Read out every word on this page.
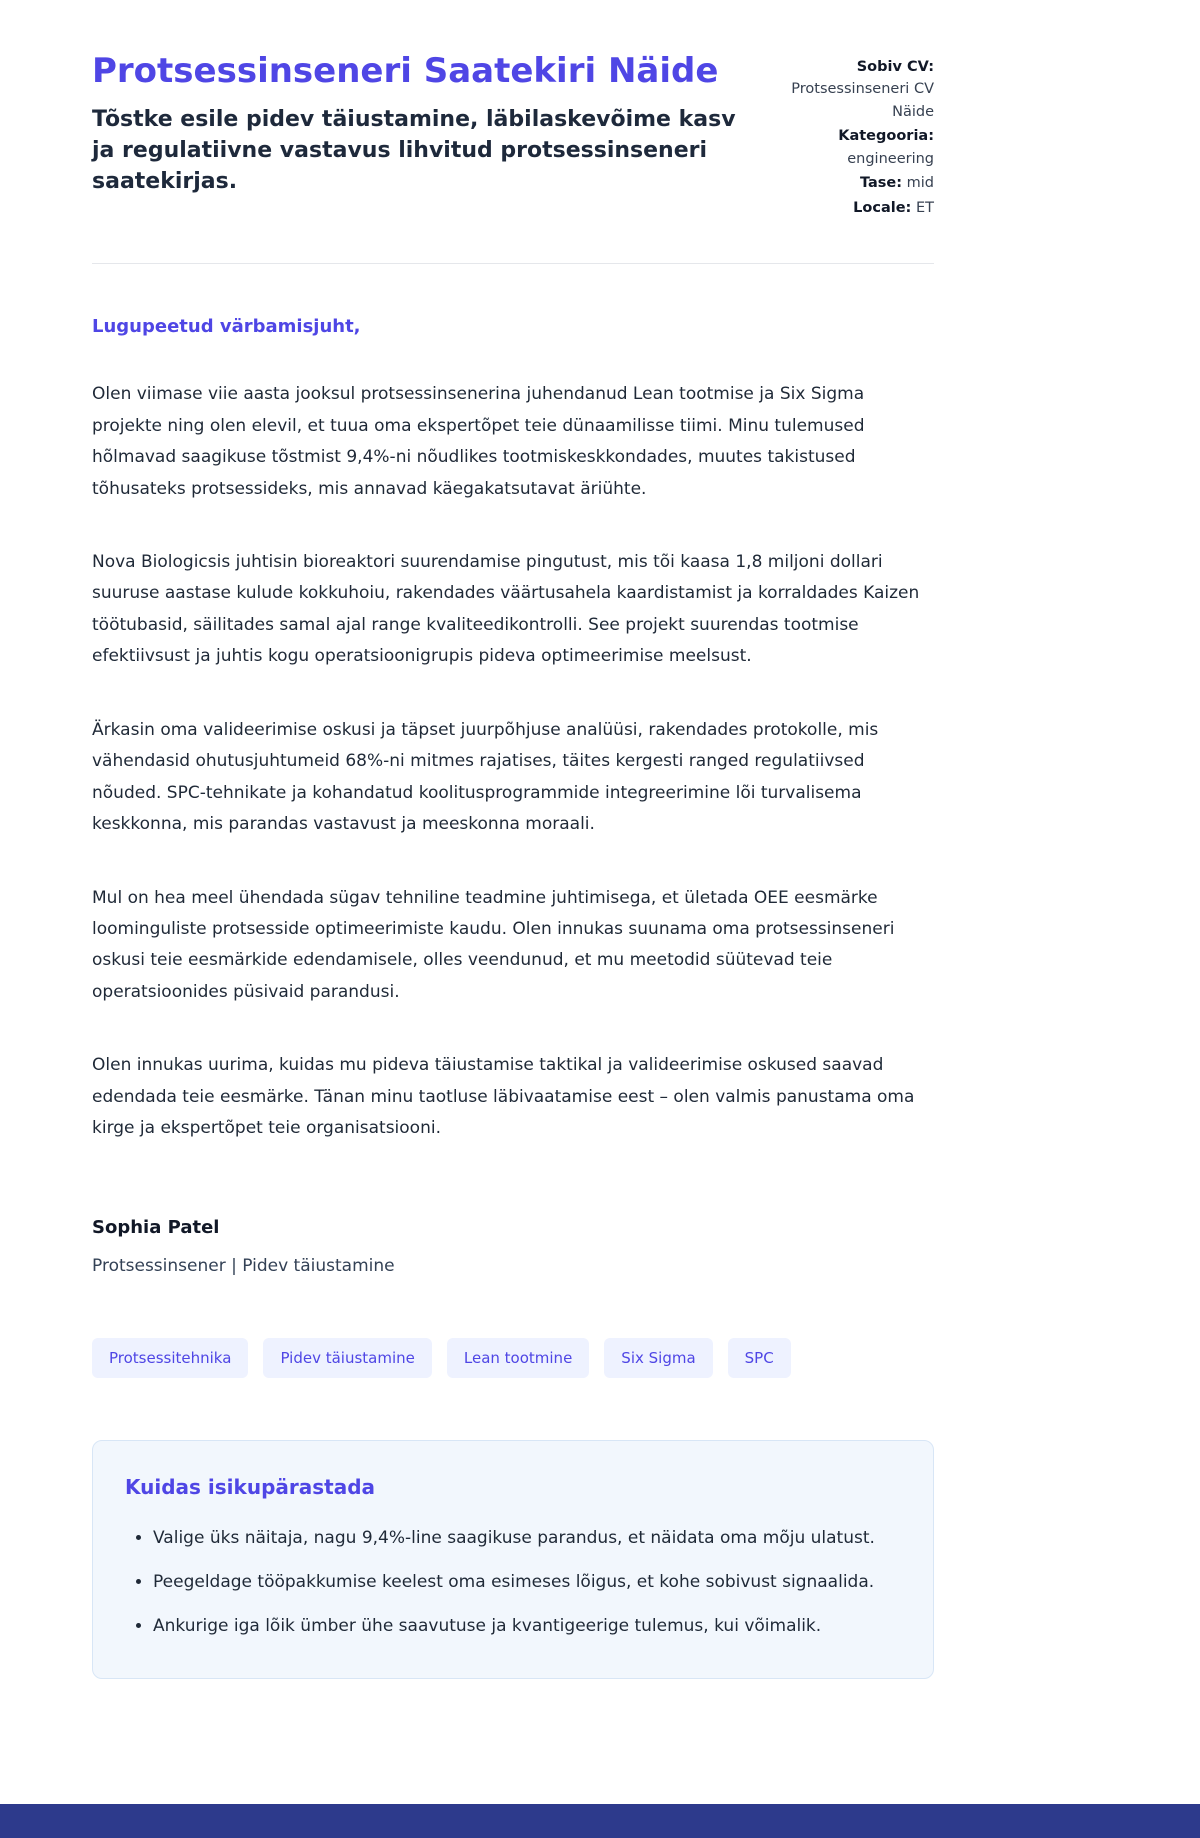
Protsessinseneri Saatekiri Näide
Tõstke esile pidev täiustamine, läbilaskevõime kasv ja regulatiivne vastavus lihvitud protsessinseneri saatekirjas.
Sobiv CV: Protsessinseneri CV Näide
Kategooria: engineering
Tase: mid
Locale: ET
Lugupeetud värbamisjuht,

Olen viimase viie aasta jooksul protsessinsenerina juhendanud Lean tootmise ja Six Sigma projekte ning olen elevil, et tuua oma ekspertõpet teie dünaamilisse tiimi. Minu tulemused hõlmavad saagikuse tõstmist 9,4%-ni nõudlikes tootmiskeskkondades, muutes takistused tõhusateks protsessideks, mis annavad käegakatsutavat äriühte.

Nova Biologicsis juhtisin bioreaktori suurendamise pingutust, mis tõi kaasa 1,8 miljoni dollari suuruse aastase kulude kokkuhoiu, rakendades väärtusahela kaardistamist ja korraldades Kaizen töötubasid, säilitades samal ajal range kvaliteedikontrolli. See projekt suurendas tootmise efektiivsust ja juhtis kogu operatsioonigrupis pideva optimeerimise meelsust.

Ärkasin oma valideerimise oskusi ja täpset juurpõhjuse analüüsi, rakendades protokolle, mis vähendasid ohutusjuhtumeid 68%-ni mitmes rajatises, täites kergesti ranged regulatiivsed nõuded. SPC-tehnikate ja kohandatud koolitusprogrammide integreerimine lõi turvalisema keskkonna, mis parandas vastavust ja meeskonna moraali.

Mul on hea meel ühendada sügav tehniline teadmine juhtimisega, et ületada OEE eesmärke loominguliste protsesside optimeerimiste kaudu. Olen innukas suunama oma protsessinseneri oskusi teie eesmärkide edendamisele, olles veendunud, et mu meetodid süütevad teie operatsioonides püsivaid parandusi.

Olen innukas uurima, kuidas mu pideva täiustamise taktikal ja valideerimise oskused saavad edendada teie eesmärke. Tänan minu taotluse läbivaatamise eest – olen valmis panustama oma kirge ja ekspertõpet teie organisatsiooni.

Sophia Patel
Protsessinsener | Pidev täiustamine
Protsessitehnika	Pidev täiustamine	Lean tootmine	Six Sigma	SPC
Kuidas isikupärastada
• Valige üks näitaja, nagu 9,4%-line saagikuse parandus, et näidata oma mõju ulatust.
• Peegeldage tööpakkumise keelest oma esimeses lõigus, et kohe sobivust signaalida.
• Ankurige iga lõik ümber ühe saavutuse ja kvantigeerige tulemus, kui võimalik.
